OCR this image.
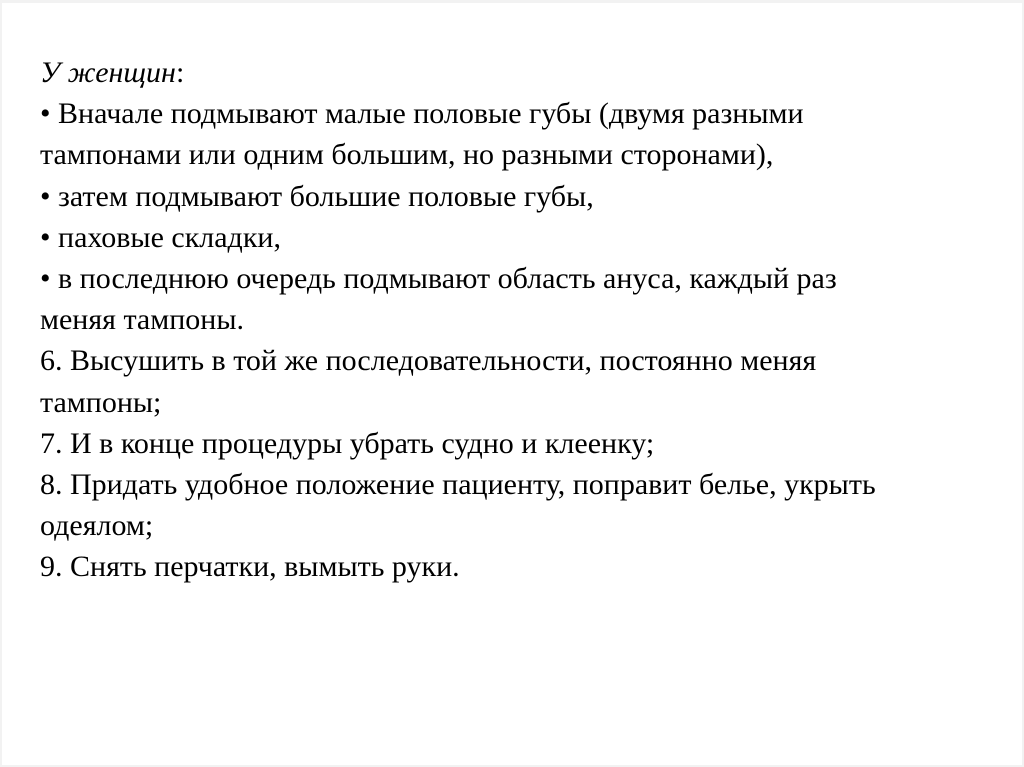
У женщин:
• Вначале подмывают малые половые губы (двумя разными
тампонами или одним большим, но разными сторонами),
• затем подмывают большие половые губы,
• паховые складки,
• в последнюю очередь подмывают область ануса, каждый раз
меняя тампоны.
6. Высушить в той же последовательности, постоянно меняя
тампоны;
7. И в конце процедуры убрать судно и клеенку;
8. Придать удобное положение пациенту, поправит белье, укрыть
одеялом;
9. Снять перчатки, вымыть руки.
